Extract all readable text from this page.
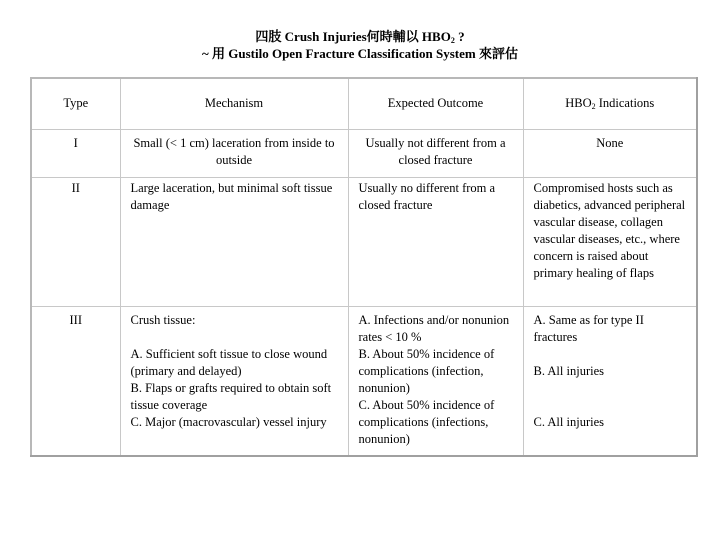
四肢 Crush Injuries何時輔以 HBO2 ?
~ 用 Gustilo Open Fracture Classification System 來評估
Type	Mechanism	Expected Outcome	HBO2 Indications
I	Small (< 1 cm) laceration from inside to outside	Usually not different from a closed fracture	None
II	Large laceration, but minimal soft tissue damage	Usually no different from a closed fracture	Compromised hosts such as diabetics, advanced peripheral vascular disease, collagen vascular diseases, etc., where concern is raised about primary healing of flaps
III	Crush tissue:
A. Sufficient soft tissue to close wound (primary and delayed)
B. Flaps or grafts required to obtain soft tissue coverage
C. Major (macrovascular) vessel injury	A. Infections and/or nonunion rates < 10 %
B. About 50% incidence of complications (infection, nonunion)
C. About 50% incidence of complications (infections, nonunion)	A. Same as for type II fractures
B. All injuries
C. All injuries
